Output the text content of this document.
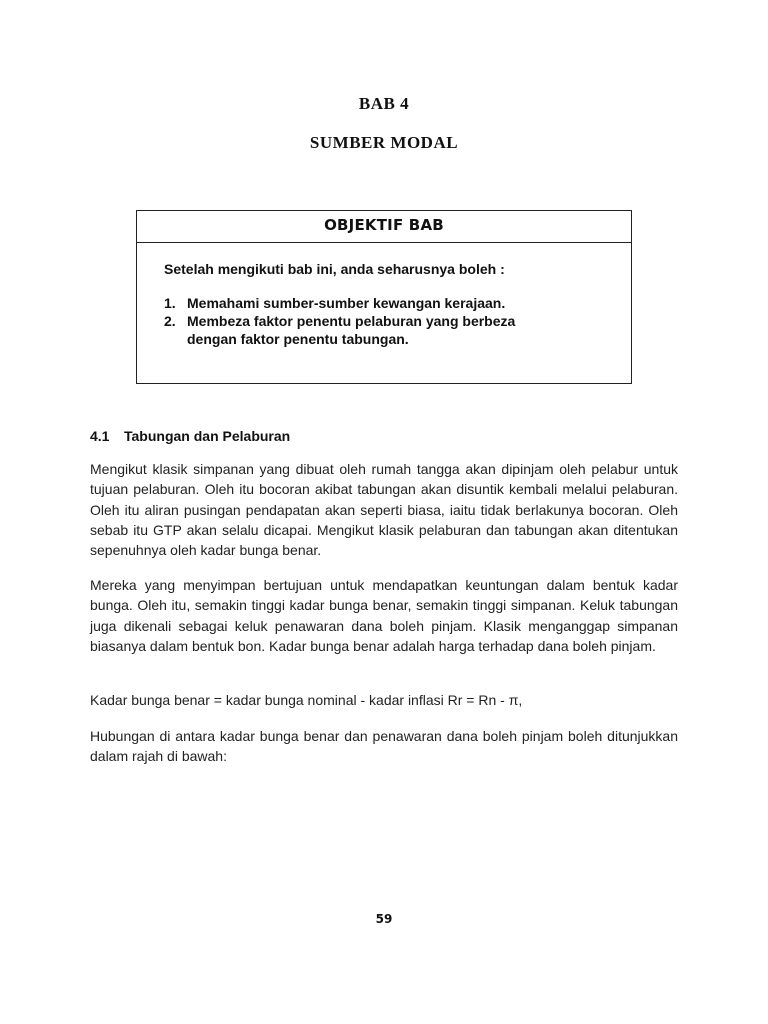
BAB 4
SUMBER MODAL
OBJEKTIF BAB

Setelah mengikuti bab ini, anda seharusnya boleh :

1. Memahami sumber-sumber kewangan kerajaan.
2. Membeza faktor penentu pelaburan yang berbeza dengan faktor penentu tabungan.
4.1 Tabungan dan Pelaburan

Mengikut klasik simpanan yang dibuat oleh rumah tangga akan dipinjam oleh pelabur untuk tujuan pelaburan. Oleh itu bocoran akibat tabungan akan disuntik kembali melalui pelaburan. Oleh itu aliran pusingan pendapatan akan seperti biasa, iaitu tidak berlakunya bocoran. Oleh sebab itu GTP akan selalu dicapai. Mengikut klasik pelaburan dan tabungan akan ditentukan sepenuhnya oleh kadar bunga benar.

Mereka yang menyimpan bertujuan untuk mendapatkan keuntungan dalam bentuk kadar bunga. Oleh itu, semakin tinggi kadar bunga benar, semakin tinggi simpanan. Keluk tabungan juga dikenali sebagai keluk penawaran dana boleh pinjam. Klasik menganggap simpanan biasanya dalam bentuk bon. Kadar bunga benar adalah harga terhadap dana boleh pinjam.

Kadar bunga benar = kadar bunga nominal - kadar inflasi Rr = Rn - π,

Hubungan di antara kadar bunga benar dan penawaran dana boleh pinjam boleh ditunjukkan dalam rajah di bawah:

59
